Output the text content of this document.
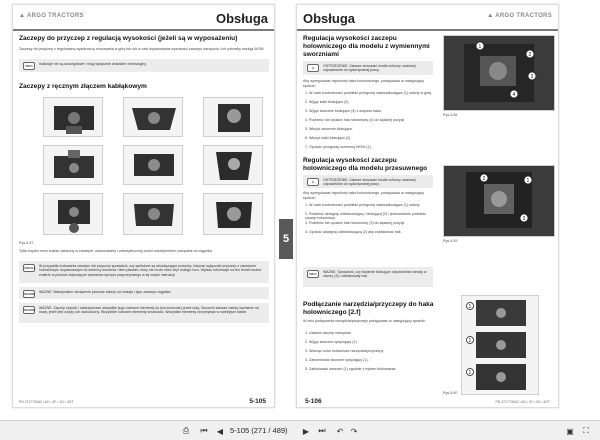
▲ ARGO TRACTORS	Obsługa
Zaczepy do przyczep z regulacją wysokości (jeżeli są w wyposażeniu)
Zaczepy do przyczep z regulowaną wysokością mocowania w góry lub dół w celu dopasowania wysokości zaczepu narzędzia i ich potrzeby obsługi WOM.
INFO	Ilustracje nie są szczegółowe i mają wyłącznie charakter orientacyjny.
Zaczepy z ręcznym złączem kabłąkowym
Rys.5-57
Tylko trzpień musi zostać założony w zaczepie, zamocowany i zabezpieczony przed odczepieniem narzędzia od ciągnika.
UWAGA W przypadku holowania zaczepu lub przyczep sprawdzić, czy spełnione są obowiązujące przepisy. Używać wyłącznie przyczep z zaczepem holowniczym dopasowanym do średnicy sworznia i tłem płaskim, który nie może mieć zbyt dużego luzu. Wpisać informacje na ten temat można znaleźć w punkcie dotyczącym wymiarów sprzętu przyczepowego w tej części instrukcji.
WAŻNE WAŻNE: Maksymalne obciążenie pionowe zależy od rodzaju i typu zaczepu ciągnika.
WAŻNE WAŻNE: Zaczep czyścić i zabezpieczać wszystkie jego ruchome elementy (w tym sworznie) przed rdzą. Sworzeń zawsze należy wymienić na nowy, jeżeli jest zużyty lub uszkodzony. Wszystkie ruchome elementy smarować. Wszystkie elementy utrzymywać w należytym stanie.
PN 3717700A2 • AV • 4F • 4G • 4GT	5-105
5
Obsługa	▲ ARGO TRACTORS
Regulacja wysokości zaczepu holowniczego dla modelu z wymiennymi sworzniami
⚠	OSTRZEŻENIE: Zawsze stosować środki ochrony osobistej odpowiednie do wykonywanej pracy.
Aby wyregulować wysokość haka holowniczego, postępować w następujący sposób:
1. W razie konieczności podnieść przegrody zabezpieczające (1) osłony w górę.
2. Wyjąć kołki blokujące (2).
3. Wyjąć sworznie blokujące (3) z wnętrza haka.
4. Podnieść lub opuścić hak holowniczy (4) do żądanej pozycji.
5. Włożyć sworznie blokujące.
6. Włożyć kołki blokujące (2).
7. Opuścić przegrodę ochronną WOM (1).
1
2
3
4
Rys.5-58
Regulacja wysokości zaczepu holowniczego dla modelu przesuwnego
⚠	OSTRZEŻENIE: Zawsze stosować środki ochrony osobistej odpowiednie do wykonywanej pracy.
Aby wyregulować wysokość haka holowniczego, postępować w następujący sposób:
1. W razie konieczności podnieść przegrody zabezpieczające (1) osłony.
2. Podnieść dźwignię odblokowującą / blokującą (2) i jednocześnie podnieść zaczep holowniczy.
3. Podnieść lub opuścić hak holowniczy (3) do żądanej pozycji.
4. Opuścić dźwignię odblokowującą (2) aby zablokować hak.
INFO	WAŻNE: Sprawdzić, czy trzpienie blokujące odpowiednio weszły w otwory (3) i zablokowały hak.
1
2
3
Rys.5-59
Podłączanie narzędzia/przyczepy do haka holowniczego [2.f]
W celu podłączenia narzędzia/przyczepy postępować w następujący sposób:
1. Ustawić zaczep narzędzia.
2. Wyjąć sworzeń sprężający (1).
3. Wsunąć ucho holownicze narzędzia/przyczepy.
4. Zamontować sworzeń sprężający (1).
5. Zablokować sworzeń (1) zgodnie z trybem blokowania.
1
1
1
Rys.5-60
5-106	PN 3717700A2 • AV • 4F • 4G • 4GT
⎙	⏮	◀ 5-105 (271 / 489)	▶	⏭	↶ ↷	▣	⛶
